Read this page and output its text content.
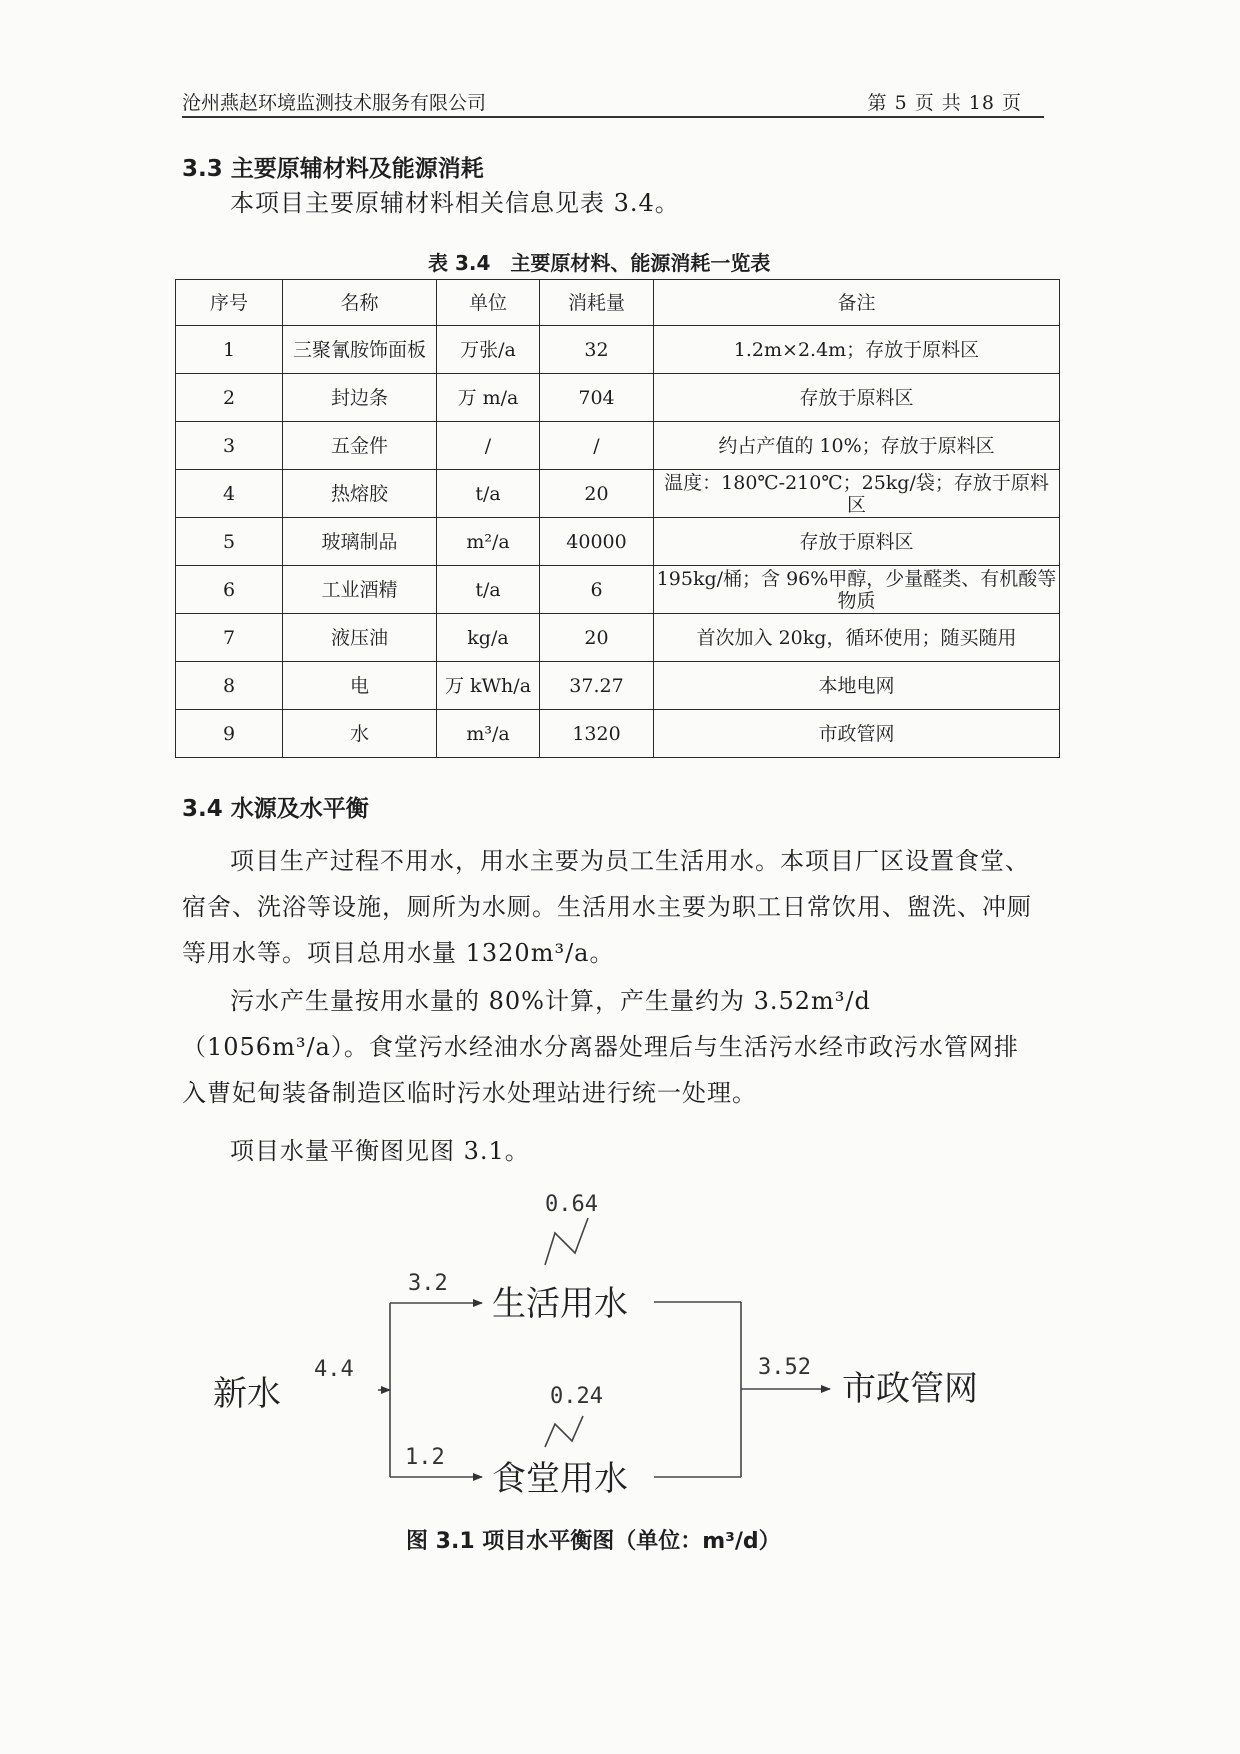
沧州燕赵环境监测技术服务有限公司	第 5 页 共 18 页
3.3 主要原辅材料及能源消耗

本项目主要原辅材料相关信息见表 3.4。

表 3.4　主要原材料、能源消耗一览表
序号	名称	单位	消耗量	备注
1	三聚氰胺饰面板	万张/a	32	1.2m×2.4m；存放于原料区
2	封边条	万 m/a	704	存放于原料区
3	五金件	/	/	约占产值的 10%；存放于原料区
4	热熔胶	t/a	20	温度：180℃-210℃；25kg/袋；存放于原料区
5	玻璃制品	m²/a	40000	存放于原料区
6	工业酒精	t/a	6	195kg/桶；含 96%甲醇，少量醛类、有机酸等物质
7	液压油	kg/a	20	首次加入 20kg，循环使用；随买随用
8	电	万 kWh/a	37.27	本地电网
9	水	m³/a	1320	市政管网
3.4 水源及水平衡

项目生产过程不用水，用水主要为员工生活用水。本项目厂区设置食堂、宿舍、洗浴等设施，厕所为水厕。生活用水主要为职工日常饮用、盥洗、冲厕等用水等。项目总用水量 1320m³/a。

污水产生量按用水量的 80%计算，产生量约为 3.52m³/d（1056m³/a）。食堂污水经油水分离器处理后与生活污水经市政污水管网排入曹妃甸装备制造区临时污水处理站进行统一处理。

项目水量平衡图见图 3.1。

新水
4.4
生活用水
3.2
0.64
食堂用水
1.2
0.24	市政管网
3.52
图 3.1 项目水平衡图（单位：m³/d）
